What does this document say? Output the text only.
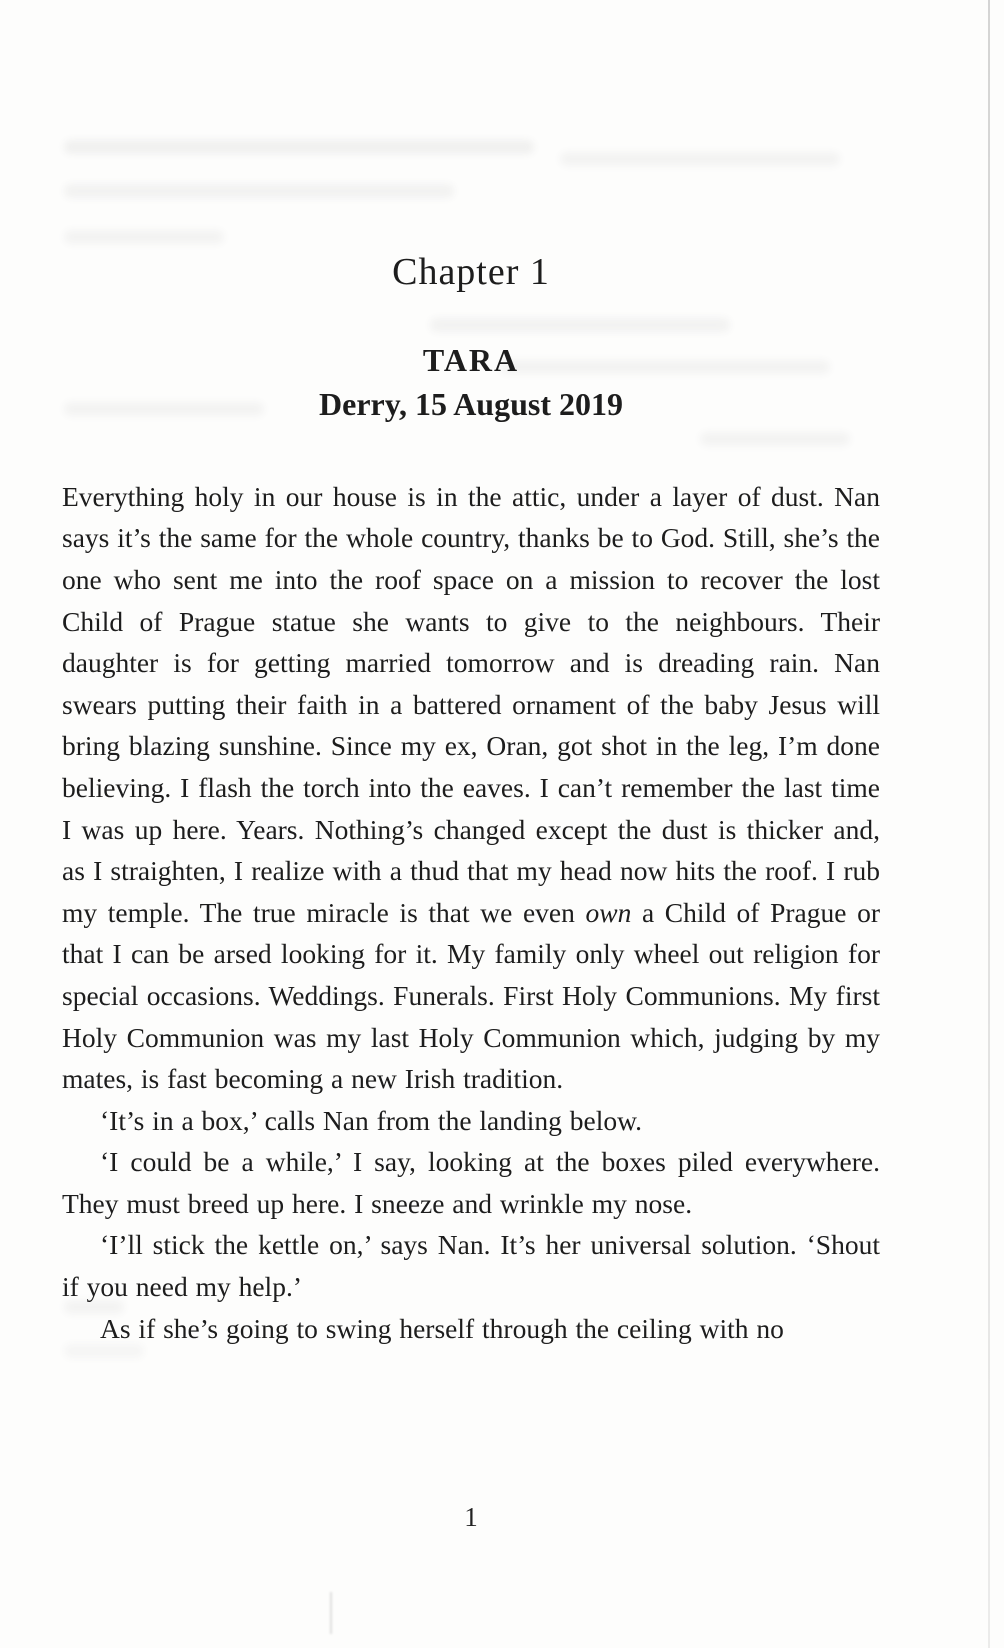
Chapter 1
TARA
Derry, 15 August 2019

Everything holy in our house is in the attic, under a layer of dust. Nan says it’s the same for the whole country, thanks be to God. Still, she’s the one who sent me into the roof space on a mission to recover the lost Child of Prague statue she wants to give to the neighbours. Their daughter is for getting married tomorrow and is dreading rain. Nan swears putting their faith in a battered ornament of the baby Jesus will bring blazing sunshine. Since my ex, Oran, got shot in the leg, I’m done believing. I flash the torch into the eaves. I can’t remember the last time I was up here. Years. Nothing’s changed except the dust is thicker and, as I straighten, I realize with a thud that my head now hits the roof. I rub my temple. The true miracle is that we even own a Child of Prague or that I can be arsed looking for it. My family only wheel out religion for special occasions. Weddings. Funerals. First Holy Communions. My first Holy Communion was my last Holy Communion which, judging by my mates, is fast becoming a new Irish tradition.

‘It’s in a box,’ calls Nan from the landing below.

‘I could be a while,’ I say, looking at the boxes piled everywhere. They must breed up here. I sneeze and wrinkle my nose.

‘I’ll stick the kettle on,’ says Nan. It’s her universal solution. ‘Shout if you need my help.’

As if she’s going to swing herself through the ceiling with no

1
